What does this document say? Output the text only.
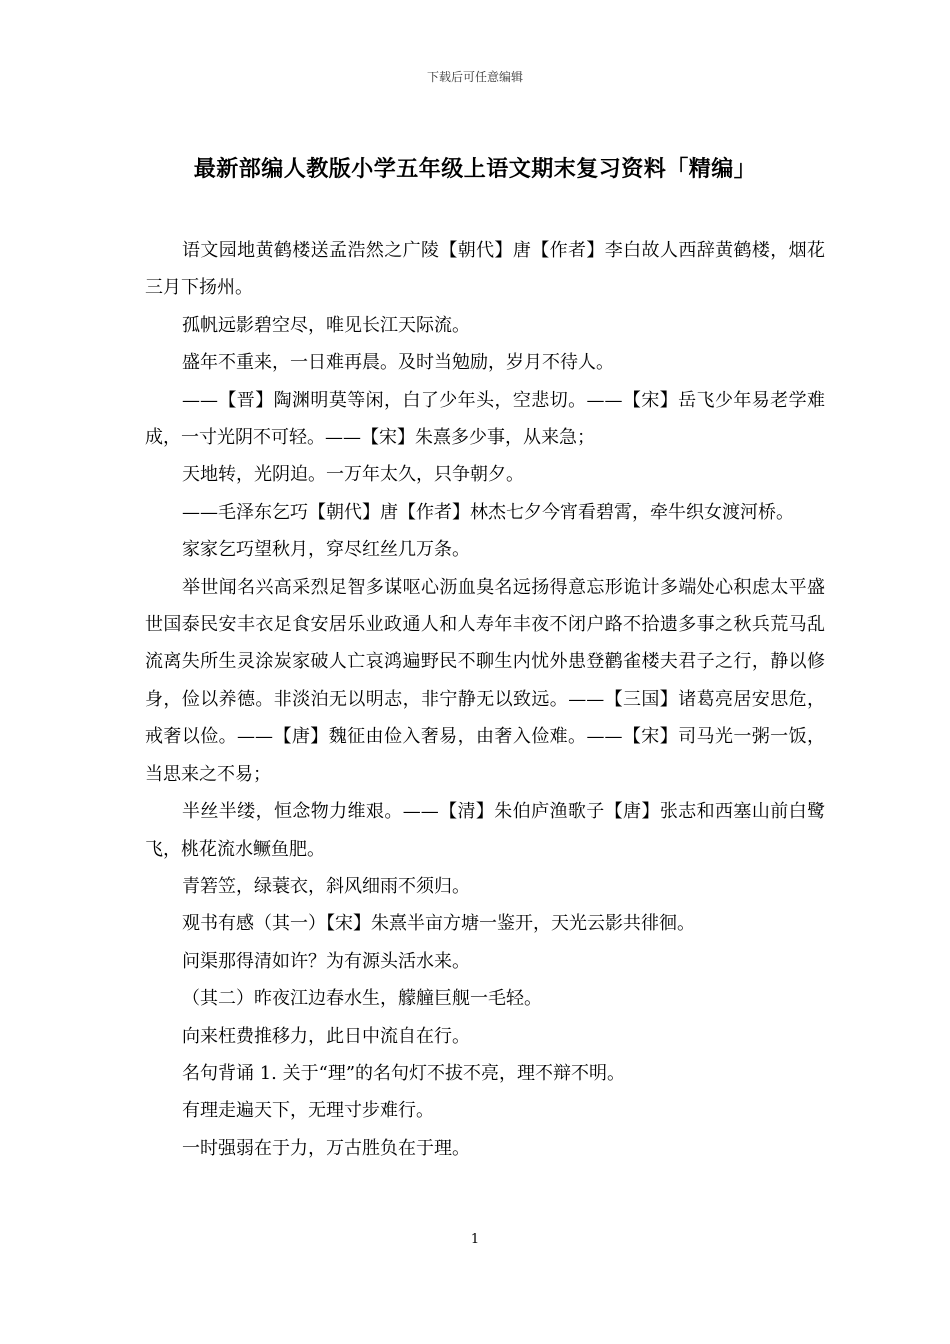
下载后可任意编辑
最新部编人教版小学五年级上语文期末复习资料「精编」

语文园地黄鹤楼送孟浩然之广陵【朝代】唐【作者】李白故人西辞黄鹤楼，烟花三月下扬州。

孤帆远影碧空尽，唯见长江天际流。

盛年不重来，一日难再晨。及时当勉励，岁月不待人。

——【晋】陶渊明莫等闲，白了少年头，空悲切。——【宋】岳飞少年易老学难成，一寸光阴不可轻。——【宋】朱熹多少事，从来急；

天地转，光阴迫。一万年太久，只争朝夕。

——毛泽东乞巧【朝代】唐【作者】林杰七夕今宵看碧霄，牵牛织女渡河桥。

家家乞巧望秋月，穿尽红丝几万条。

举世闻名兴高采烈足智多谋呕心沥血臭名远扬得意忘形诡计多端处心积虑太平盛世国泰民安丰衣足食安居乐业政通人和人寿年丰夜不闭户路不拾遗多事之秋兵荒马乱流离失所生灵涂炭家破人亡哀鸿遍野民不聊生内忧外患登鹳雀楼夫君子之行，静以修身，俭以养德。非淡泊无以明志，非宁静无以致远。——【三国】诸葛亮居安思危，戒奢以俭。——【唐】魏征由俭入奢易，由奢入俭难。——【宋】司马光一粥一饭，当思来之不易；

半丝半缕，恒念物力维艰。——【清】朱伯庐渔歌子【唐】张志和西塞山前白鹭飞，桃花流水鳜鱼肥。

青箬笠，绿蓑衣，斜风细雨不须归。

观书有感（其一）【宋】朱熹半亩方塘一鉴开，天光云影共徘徊。

问渠那得清如许？为有源头活水来。

（其二）昨夜江边春水生，艨艟巨舰一毛轻。

向来枉费推移力，此日中流自在行。

名句背诵 1. 关于“理”的名句灯不拔不亮，理不辩不明。

有理走遍天下，无理寸步难行。

一时强弱在于力，万古胜负在于理。

1
